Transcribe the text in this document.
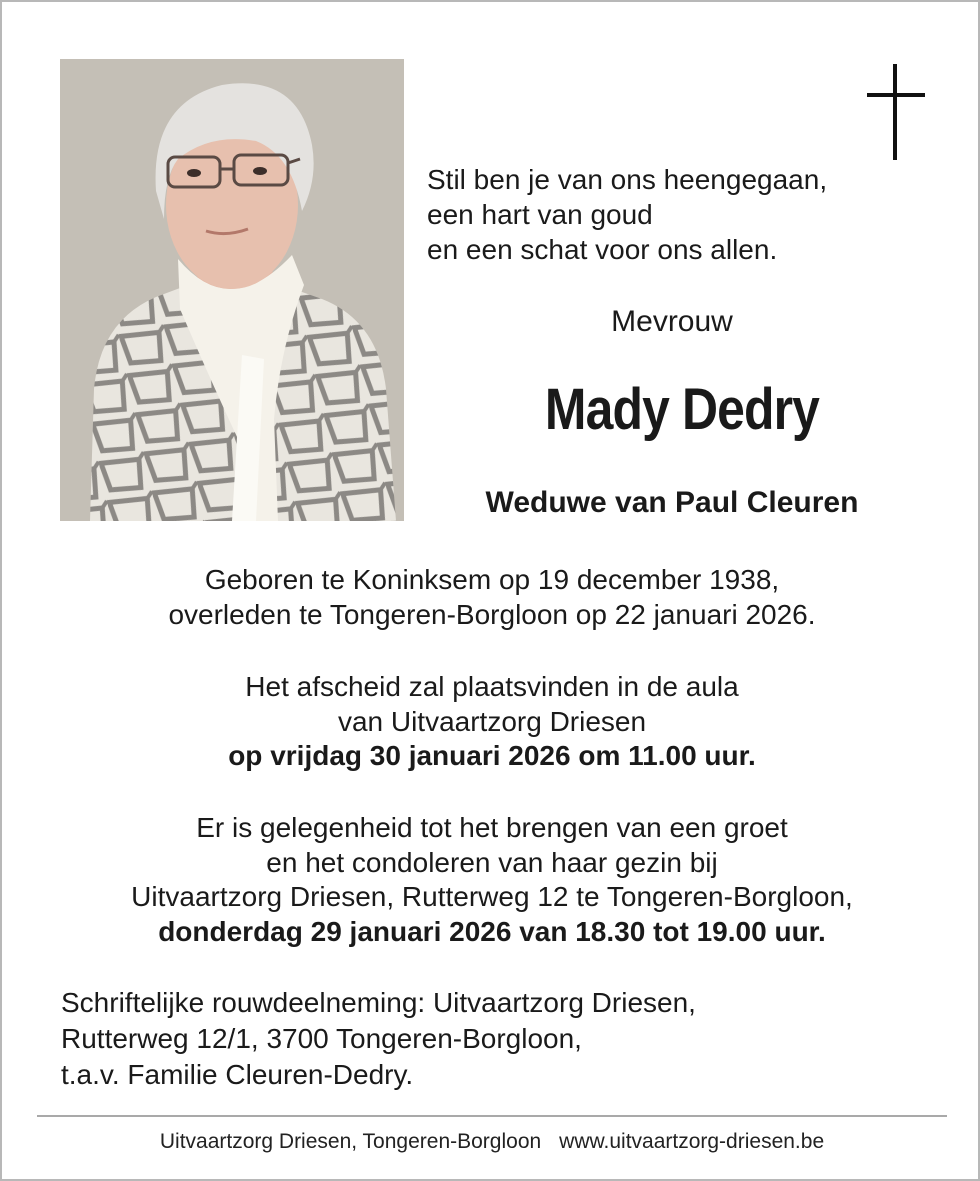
Stil ben je van ons heengegaan,
een hart van goud
en een schat voor ons allen.
Mevrouw
Mady Dedry
Weduwe van Paul Cleuren
Geboren te Koninksem op 19 december 1938,
overleden te Tongeren-Borgloon op 22 januari 2026.
Het afscheid zal plaatsvinden in de aula
van Uitvaartzorg Driesen
op vrijdag 30 januari 2026 om 11.00 uur.
Er is gelegenheid tot het brengen van een groet
en het condoleren van haar gezin bij
Uitvaartzorg Driesen, Rutterweg 12 te Tongeren-Borgloon,
donderdag 29 januari 2026 van 18.30 tot 19.00 uur.
Schriftelijke rouwdeelneming: Uitvaartzorg Driesen,
Rutterweg 12/1, 3700 Tongeren-Borgloon,
t.a.v. Familie Cleuren-Dedry.
Uitvaartzorg Driesen, Tongeren-Borgloon www.uitvaartzorg-driesen.be
